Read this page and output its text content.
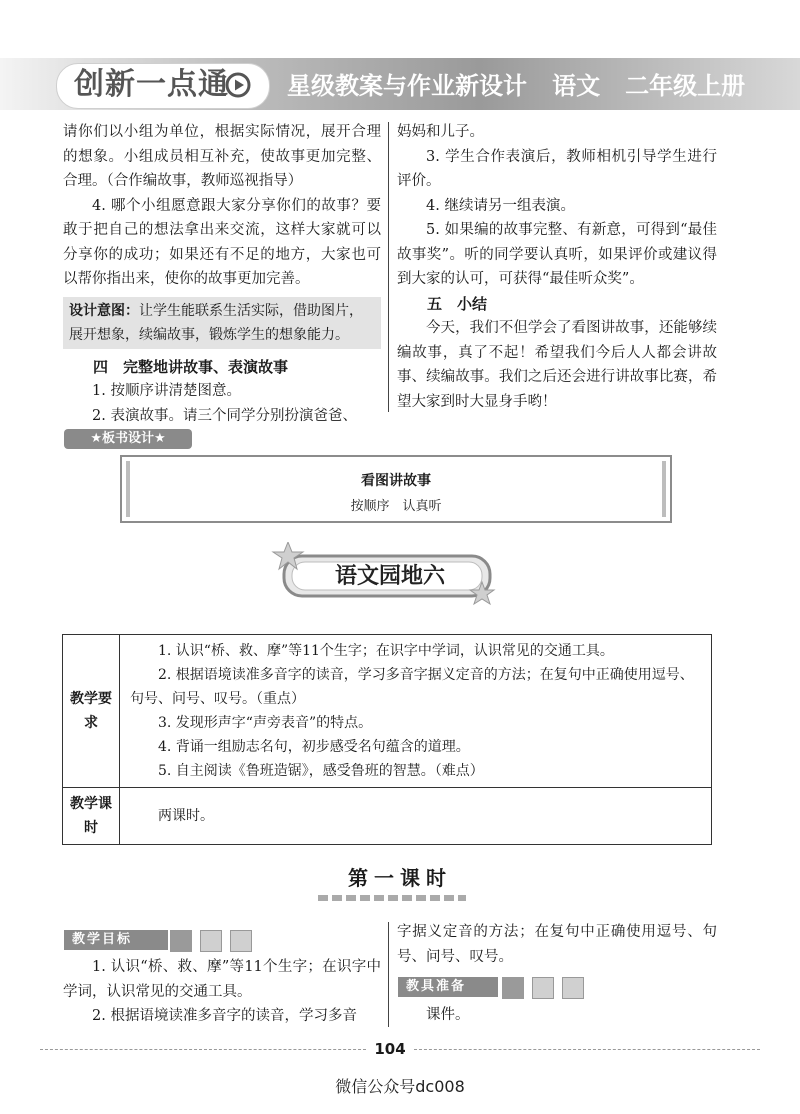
创新一点通 星级教案与作业新设计   语文   二年级上册

请你们以小组为单位，根据实际情况，展开合理的想象。小组成员相互补充，使故事更加完整、合理。（合作编故事，教师巡视指导）

4. 哪个小组愿意跟大家分享你们的故事？要敢于把自己的想法拿出来交流，这样大家就可以分享你的成功；如果还有不足的地方，大家也可以帮你指出来，使你的故事更加完善。

设计意图：让学生能联系生活实际，借助图片，展开想象，续编故事，锻炼学生的想象能力。

四　完整地讲故事、表演故事

1. 按顺序讲清楚图意。

2. 表演故事。请三个同学分别扮演爸爸、

妈妈和儿子。

3. 学生合作表演后，教师相机引导学生进行评价。

4. 继续请另一组表演。

5. 如果编的故事完整、有新意，可得到“最佳故事奖”。听的同学要认真听，如果评价或建议得到大家的认可，可获得“最佳听众奖”。

五　小结

今天，我们不但学会了看图讲故事，还能够续编故事，真了不起！希望我们今后人人都会讲故事、续编故事。我们之后还会进行讲故事比赛，希望大家到时大显身手哟！

★板书设计★
看图讲故事
按顺序　认真听
语文园地六
教学要求	1. 认识“桥、救、摩”等11个生字；在识字中学词，认识常见的交通工具。

2. 根据语境读准多音字的读音，学习多音字据义定音的方法；在复句中正确使用逗号、句号、问号、叹号。（重点）

3. 发现形声字“声旁表音”的特点。

4. 背诵一组励志名句，初步感受名句蕴含的道理。

5. 自主阅读《鲁班造锯》，感受鲁班的智慧。（难点）

教学课时	两课时。

第一课时
教学目标

1. 认识“桥、救、摩”等11个生字；在识字中学词，认识常见的交通工具。

2. 根据语境读准多音字的读音，学习多音

字据义定音的方法；在复句中正确使用逗号、句号、问号、叹号。

教具准备

课件。

104
微信公众号dc008
